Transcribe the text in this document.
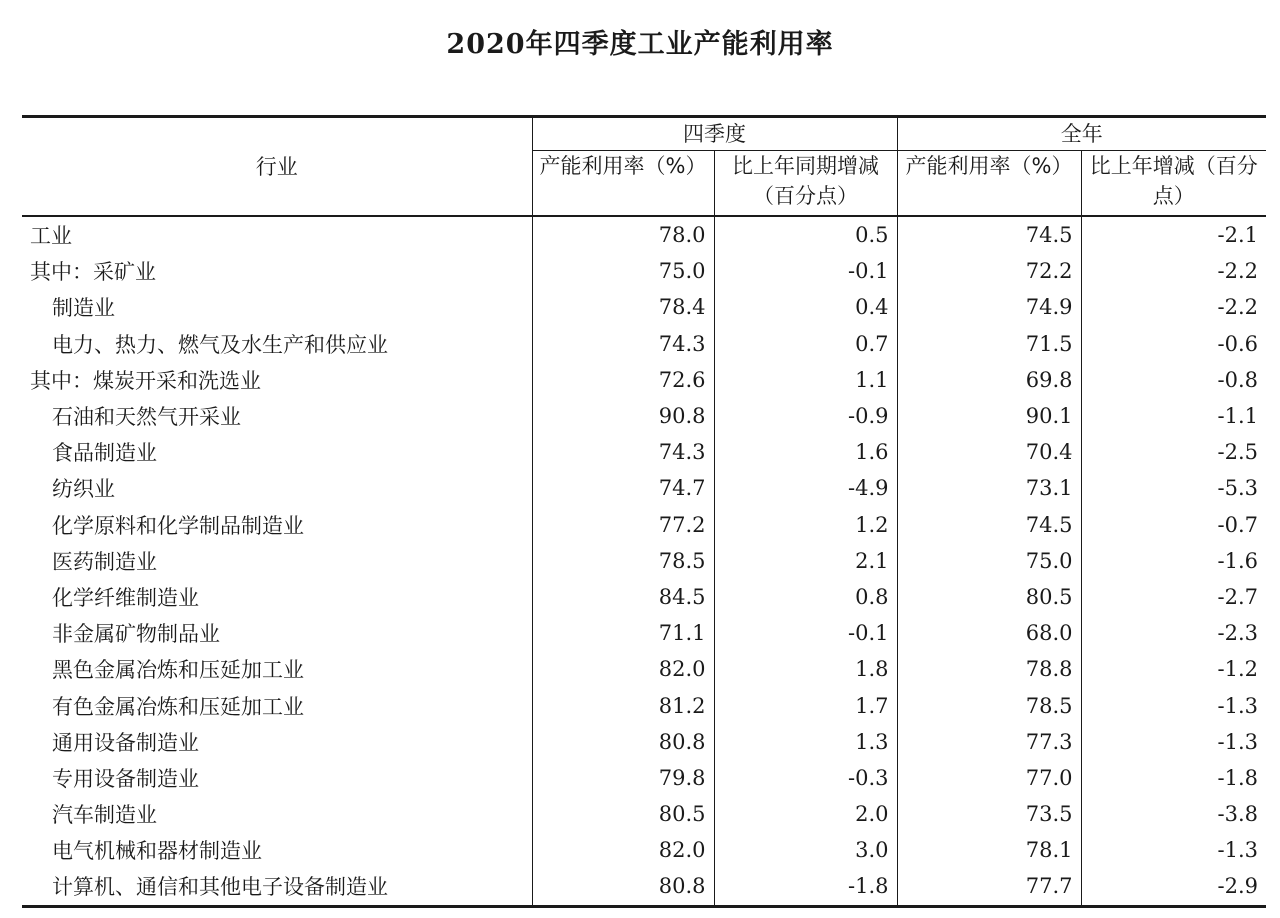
2020年四季度工业产能利用率
行业	四季度		全年	
	产能利用率（%）	比上年同期增减（百分点）	产能利用率（%）	比上年增减（百分点）
工业	78.0	0.5	74.5	-2.1
其中：采矿业	75.0	-0.1	72.2	-2.2
制造业	78.4	0.4	74.9	-2.2
电力、热力、燃气及水生产和供应业	74.3	0.7	71.5	-0.6
其中：煤炭开采和洗选业	72.6	1.1	69.8	-0.8
石油和天然气开采业	90.8	-0.9	90.1	-1.1
食品制造业	74.3	1.6	70.4	-2.5
纺织业	74.7	-4.9	73.1	-5.3
化学原料和化学制品制造业	77.2	1.2	74.5	-0.7
医药制造业	78.5	2.1	75.0	-1.6
化学纤维制造业	84.5	0.8	80.5	-2.7
非金属矿物制品业	71.1	-0.1	68.0	-2.3
黑色金属冶炼和压延加工业	82.0	1.8	78.8	-1.2
有色金属冶炼和压延加工业	81.2	1.7	78.5	-1.3
通用设备制造业	80.8	1.3	77.3	-1.3
专用设备制造业	79.8	-0.3	77.0	-1.8
汽车制造业	80.5	2.0	73.5	-3.8
电气机械和器材制造业	82.0	3.0	78.1	-1.3
计算机、通信和其他电子设备制造业	80.8	-1.8	77.7	-2.9
